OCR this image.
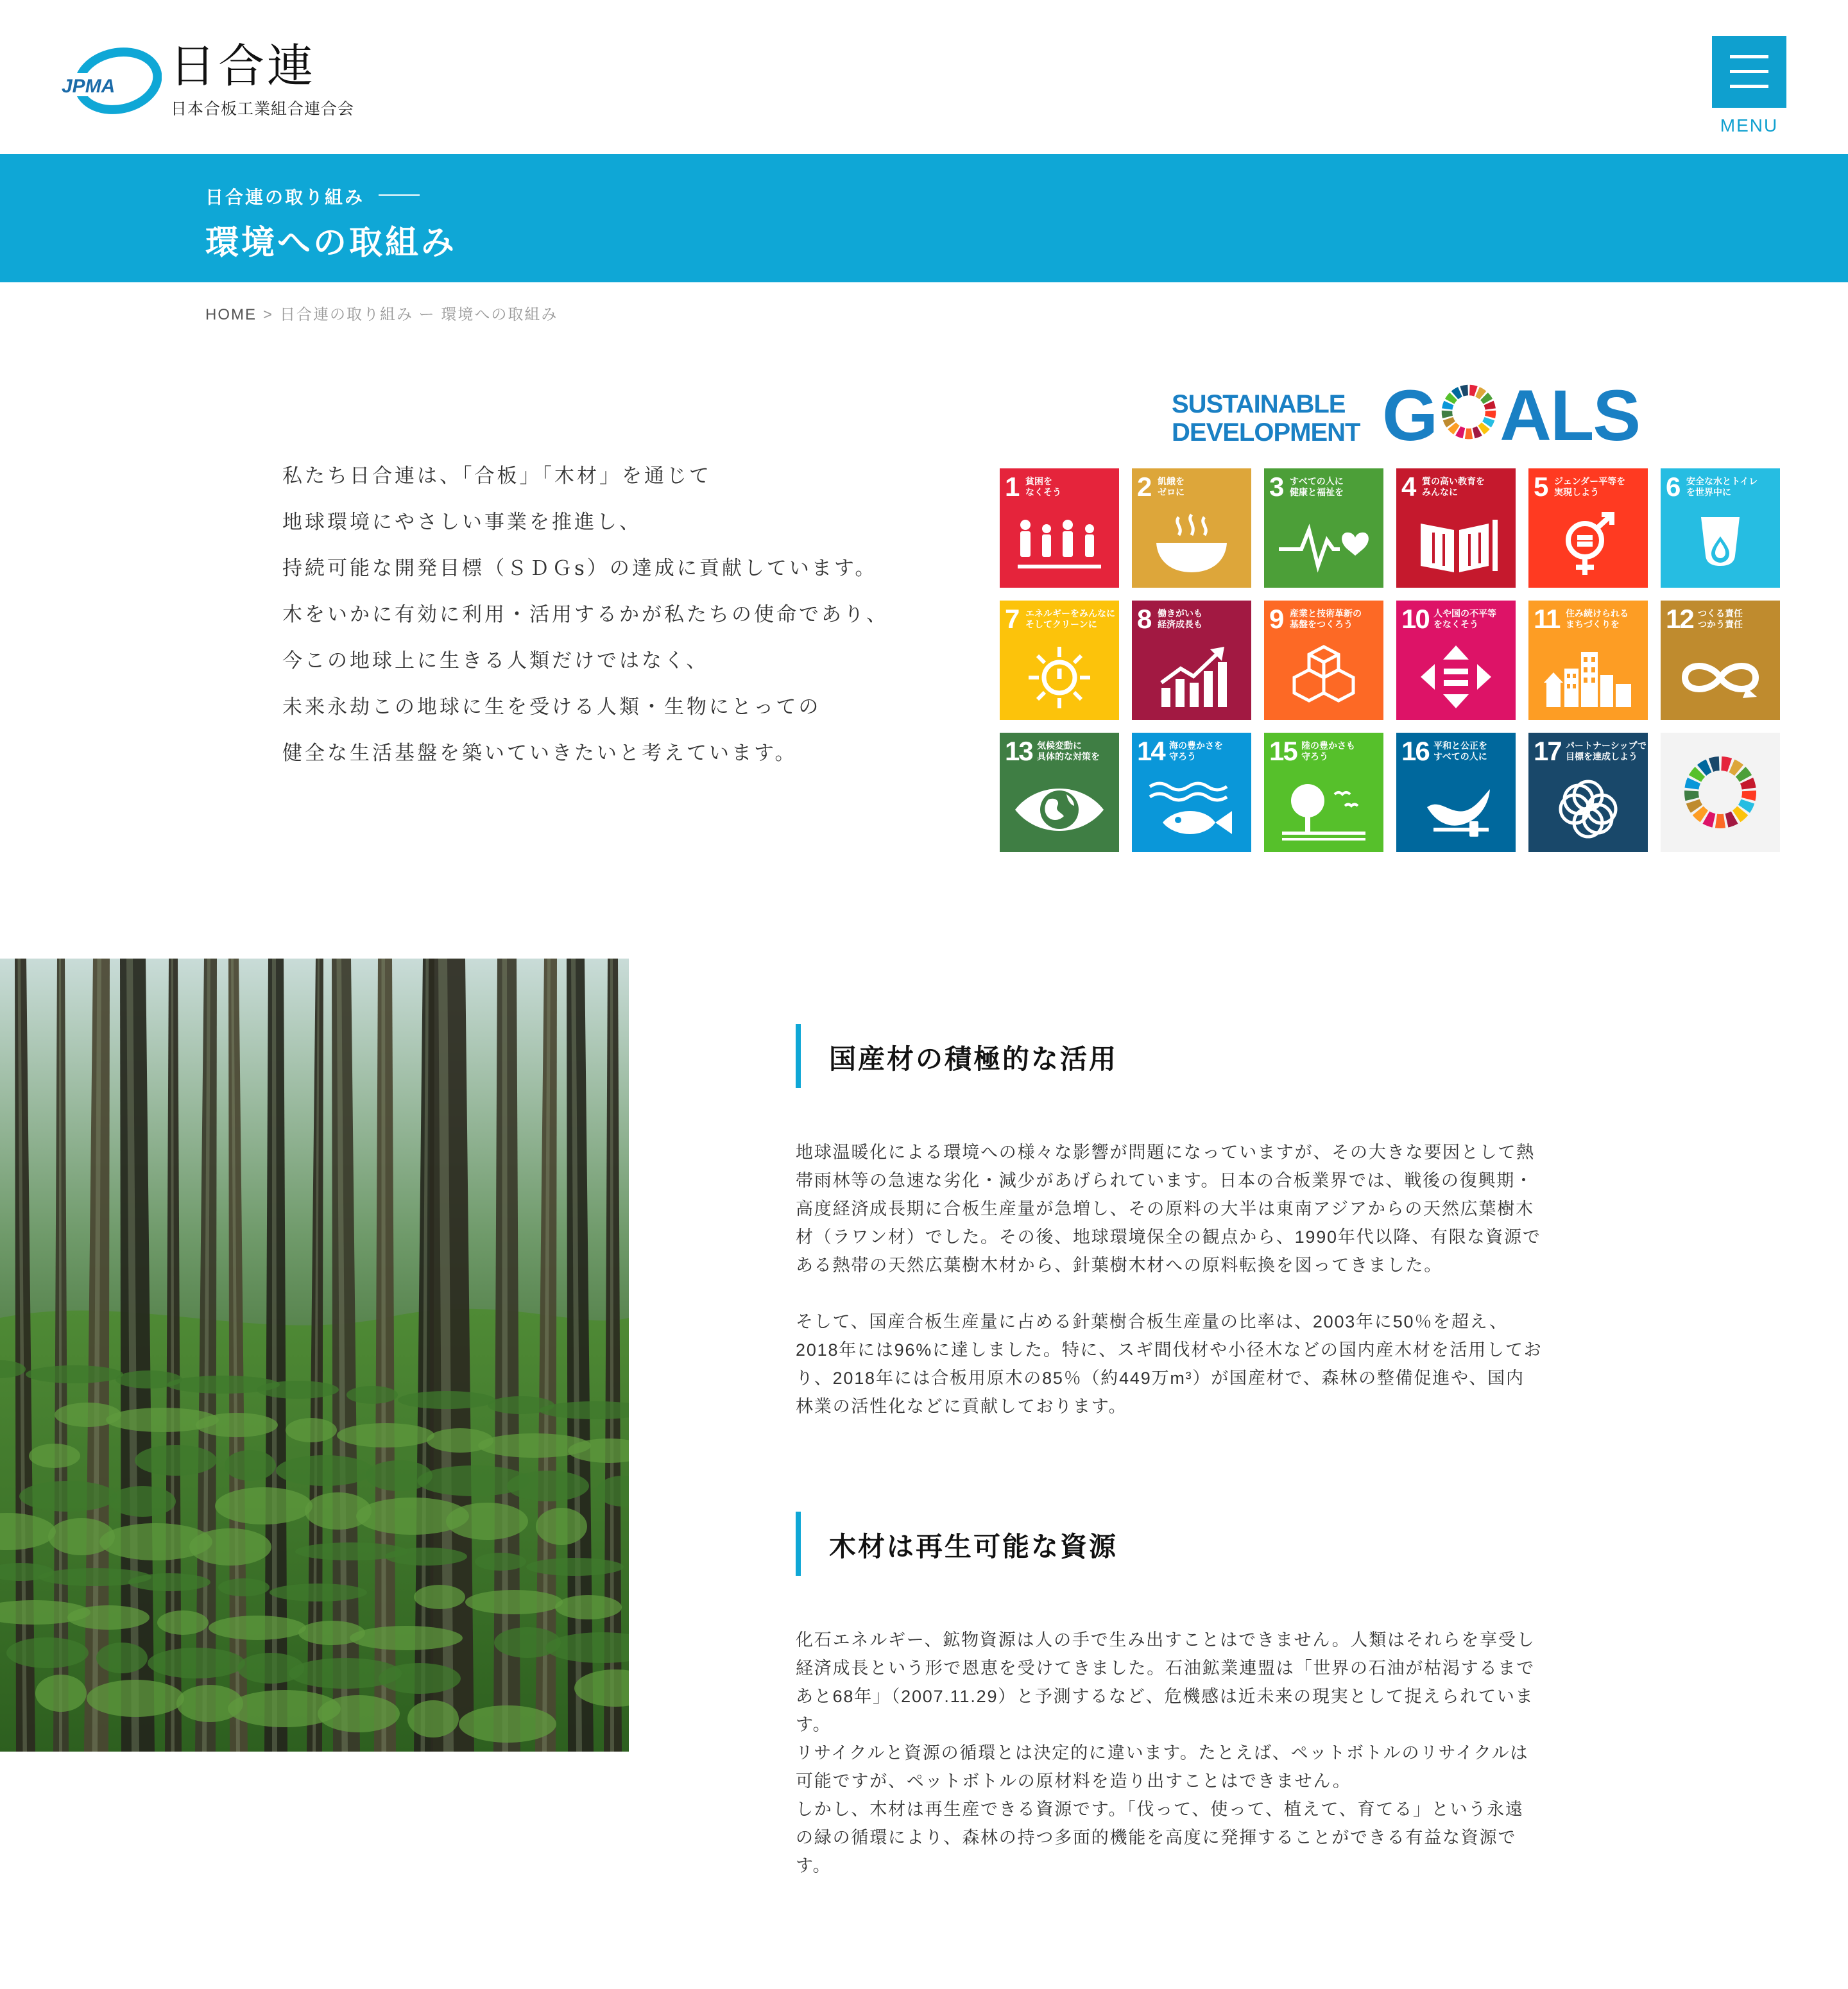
JPMA 日合連
日本合板工業組合連合会
MENU
日合連の取り組み
環境への取組み
HOME > 日合連の取り組み ー 環境への取組み

私たち日合連は、「合板」「木材」を通じて

地球環境にやさしい事業を推進し、

持続可能な開発目標（ＳＤＧs）の達成に貢献しています。

木をいかに有効に利用・活用するかが私たちの使命であり、

今この地球上に生きる人類だけではなく、

未来永劫この地球に生を受ける人類・生物にとっての

健全な生活基盤を築いていきたいと考えています。

SUSTAINABLE
DEVELOPMENT G ALS
1 貧困を
なくそう	2 飢餓を
ゼロに	3 すべての人に
健康と福祉を 4 質の高い教育を
みんなに	5 ジェンダー平等を
実現しよう	6 安全な水とトイレ
を世界中に
7 エネルギーをみんなに
そしてクリーンに	8 働きがいも
経済成長も 9 産業と技術革新の
基盤をつくろう	10 人や国の不平等
をなくそう	11 住み続けられる
まちづくりを	12 つくる責任
つかう責任
13 気候変動に
具体的な対策を 14 海の豊かさを
守ろう	15 陸の豊かさも
守ろう	16 平和と公正を
すべての人に 17 パートナーシップで
目標を達成しよう
国産材の積極的な活用
地球温暖化による環境への様々な影響が問題になっていますが、その大きな要因として熱
帯雨林等の急速な劣化・減少があげられています。日本の合板業界では、戦後の復興期・
高度経済成長期に合板生産量が急増し、その原料の大半は東南アジアからの天然広葉樹木
材（ラワン材）でした。その後、地球環境保全の観点から、1990年代以降、有限な資源で
ある熱帯の天然広葉樹木材から、針葉樹木材への原料転換を図ってきました。
そして、国産合板生産量に占める針葉樹合板生産量の比率は、2003年に50％を超え、
2018年には96%に達しました。特に、スギ間伐材や小径木などの国内産木材を活用してお
り、2018年には合板用原木の85％（約449万m³）が国産材で、森林の整備促進や、国内
林業の活性化などに貢献しております。
木材は再生可能な資源
化石エネルギー、鉱物資源は人の手で生み出すことはできません。人類はそれらを享受し
経済成長という形で恩恵を受けてきました。石油鉱業連盟は「世界の石油が枯渇するまで
あと68年」（2007.11.29）と予測するなど、危機感は近未来の現実として捉えられていま
す。
リサイクルと資源の循環とは決定的に違います。たとえば、ペットボトルのリサイクルは
可能ですが、ペットボトルの原材料を造り出すことはできません。
しかし、木材は再生産できる資源です。「伐って、使って、植えて、育てる」という永遠
の緑の循環により、森林の持つ多面的機能を高度に発揮することができる有益な資源で
す。
